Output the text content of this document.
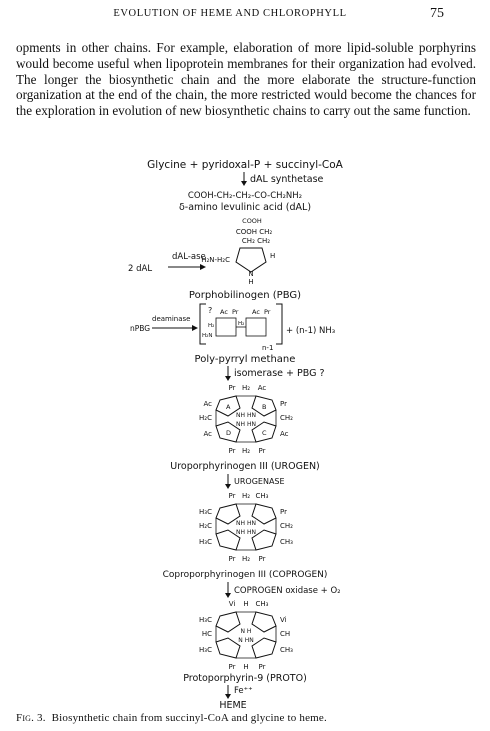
EVOLUTION OF HEME AND CHLOROPHYLL	75

opments in other chains. For example, elaboration of more lipid-soluble porphyrins would become useful when lipoprotein membranes for their organization had evolved. The longer the biosynthetic chain and the more elaborate the structure-function organization at the end of the chain, the more restricted would become the chances for the exploration in evolution of new biosynthetic chains to carry out the same function.

Glycine + pyridoxal-P + succinyl-CoA
dAL synthetase
COOH-CH₂-CH₂-CO-CH₂NH₂
δ-amino levulinic acid (dAL)
COOH
COOH CH₂
CH₂ CH₂
H₂N-H₂C	H
N
H
dAL-ase
2 dAL
Porphobilinogen (PBG)
? Ac Pr Ac Pr
H₂
H₂
H₂N
n-1
deaminase
nPBG	+ (n-1) NH₃
Poly-pyrryl methane
isomerase + PBG ?
A	B
C
D
Pr H₂ Ac
Ac
H₂C
Ac
Pr
CH₂
Ac
NH HN
NH HN
Pr H₂ Pr
Uroporphyrinogen III (UROGEN)
UROGENASE
Pr H₂ CH₃
H₃C
H₂C
H₃C
Pr
CH₂
CH₃
NH HN
NH HN
Pr H₂ Pr
Coproporphyrinogen III (COPROGEN)
COPROGEN oxidase + O₂
Vi H CH₃
H₃C
HC
H₃C
Vi
CH
CH₃
N H
N HN
Pr H Pr
Protoporphyrin-9 (PROTO)
Fe⁺⁺
HEME

Fig. 3. Biosynthetic chain from succinyl-CoA and glycine to heme.
